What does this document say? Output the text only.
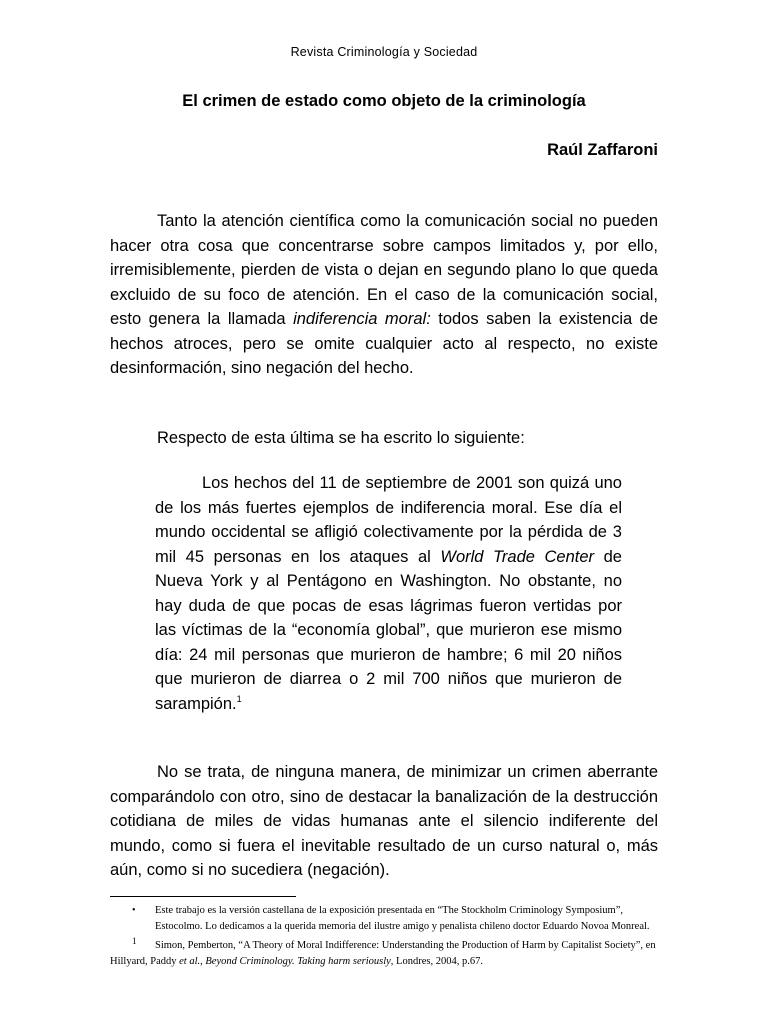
Revista Criminología y Sociedad
El crimen de estado como objeto de la criminología
Raúl Zaffaroni

Tanto la atención científica como la comunicación social no pueden hacer otra cosa que concentrarse sobre campos limitados y, por ello, irremisiblemente, pierden de vista o dejan en segundo plano lo que queda excluido de su foco de atención. En el caso de la comunicación social, esto genera la llamada indiferencia moral: todos saben la existencia de hechos atroces, pero se omite cualquier acto al respecto, no existe desinformación, sino negación del hecho.

Respecto de esta última se ha escrito lo siguiente:

Los hechos del 11 de septiembre de 2001 son quizá uno de los más fuertes ejemplos de indiferencia moral. Ese día el mundo occidental se afligió colectivamente por la pérdida de 3 mil 45 personas en los ataques al World Trade Center de Nueva York y al Pentágono en Washington. No obstante, no hay duda de que pocas de esas lágrimas fueron vertidas por las víctimas de la “economía global”, que murieron ese mismo día: 24 mil personas que murieron de hambre; 6 mil 20 niños que murieron de diarrea o 2 mil 700 niños que murieron de sarampión.$^1$

No se trata, de ninguna manera, de minimizar un crimen aberrante comparándolo con otro, sino de destacar la banalización de la destrucción cotidiana de miles de vidas humanas ante el silencio indiferente del mundo, como si fuera el inevitable resultado de un curso natural o, más aún, como si no sucediera (negación).

• Este trabajo es la versión castellana de la exposición presentada en “The Stockholm Criminology Symposium”, Estocolmo. Lo dedicamos a la querida memoria del ilustre amigo y penalista chileno doctor Eduardo Novoa Monreal.
1 Simon, Pemberton, “A Theory of Moral Indifference: Understanding the Production of Harm by Capitalist Society”, en Hillyard, Paddy et al., Beyond Criminology. Taking harm seriously, Londres, 2004, p.67.
